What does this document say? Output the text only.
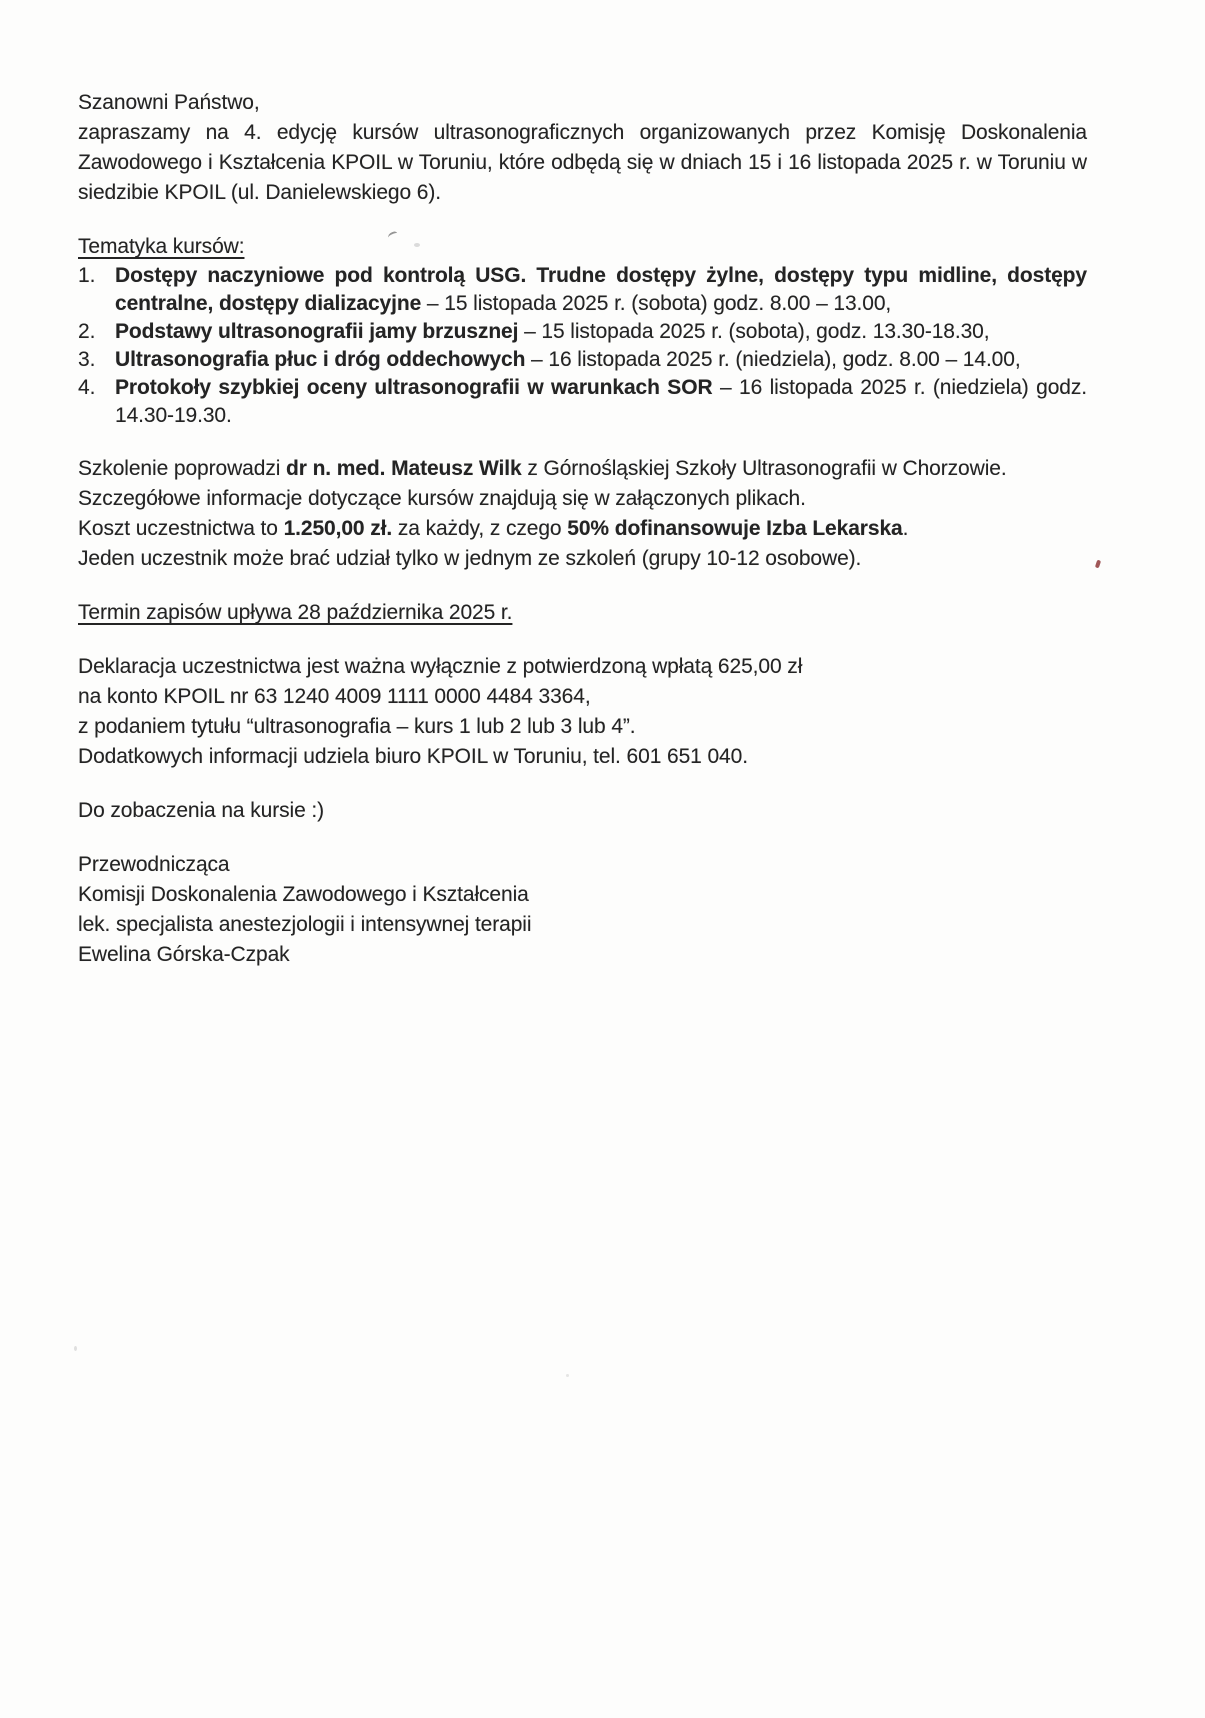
Szanowni Państwo,

zapraszamy na 4. edycję kursów ultrasonograficznych organizowanych przez Komisję Doskonalenia Zawodowego i Kształcenia KPOIL w Toruniu, które odbędą się w dniach 15 i 16 listopada 2025 r. w Toruniu w siedzibie KPOIL (ul. Danielewskiego 6).

Tematyka kursów:

1. Dostępy naczyniowe pod kontrolą USG. Trudne dostępy żylne, dostępy typu midline, dostępy centralne, dostępy dializacyjne – 15 listopada 2025 r. (sobota) godz. 8.00 – 13.00,
2. Podstawy ultrasonografii jamy brzusznej – 15 listopada 2025 r. (sobota), godz. 13.30-18.30,
3. Ultrasonografia płuc i dróg oddechowych – 16 listopada 2025 r. (niedziela), godz. 8.00 – 14.00,
4. Protokoły szybkiej oceny ultrasonografii w warunkach SOR – 16 listopada 2025 r. (niedziela) godz. 14.30-19.30.

Szkolenie poprowadzi dr n. med. Mateusz Wilk z Górnośląskiej Szkoły Ultrasonografii w Chorzowie.

Szczegółowe informacje dotyczące kursów znajdują się w załączonych plikach.

Koszt uczestnictwa to 1.250,00 zł. za każdy, z czego 50% dofinansowuje Izba Lekarska.

Jeden uczestnik może brać udział tylko w jednym ze szkoleń (grupy 10-12 osobowe).

Termin zapisów upływa 28 października 2025 r.

Deklaracja uczestnictwa jest ważna wyłącznie z potwierdzoną wpłatą 625,00 zł

na konto KPOIL nr 63 1240 4009 1111 0000 4484 3364,

z podaniem tytułu “ultrasonografia – kurs 1 lub 2 lub 3 lub 4”.

Dodatkowych informacji udziela biuro KPOIL w Toruniu, tel. 601 651 040.

Do zobaczenia na kursie :)

Przewodnicząca

Komisji Doskonalenia Zawodowego i Kształcenia

lek. specjalista anestezjologii i intensywnej terapii

Ewelina Górska-Czpak
